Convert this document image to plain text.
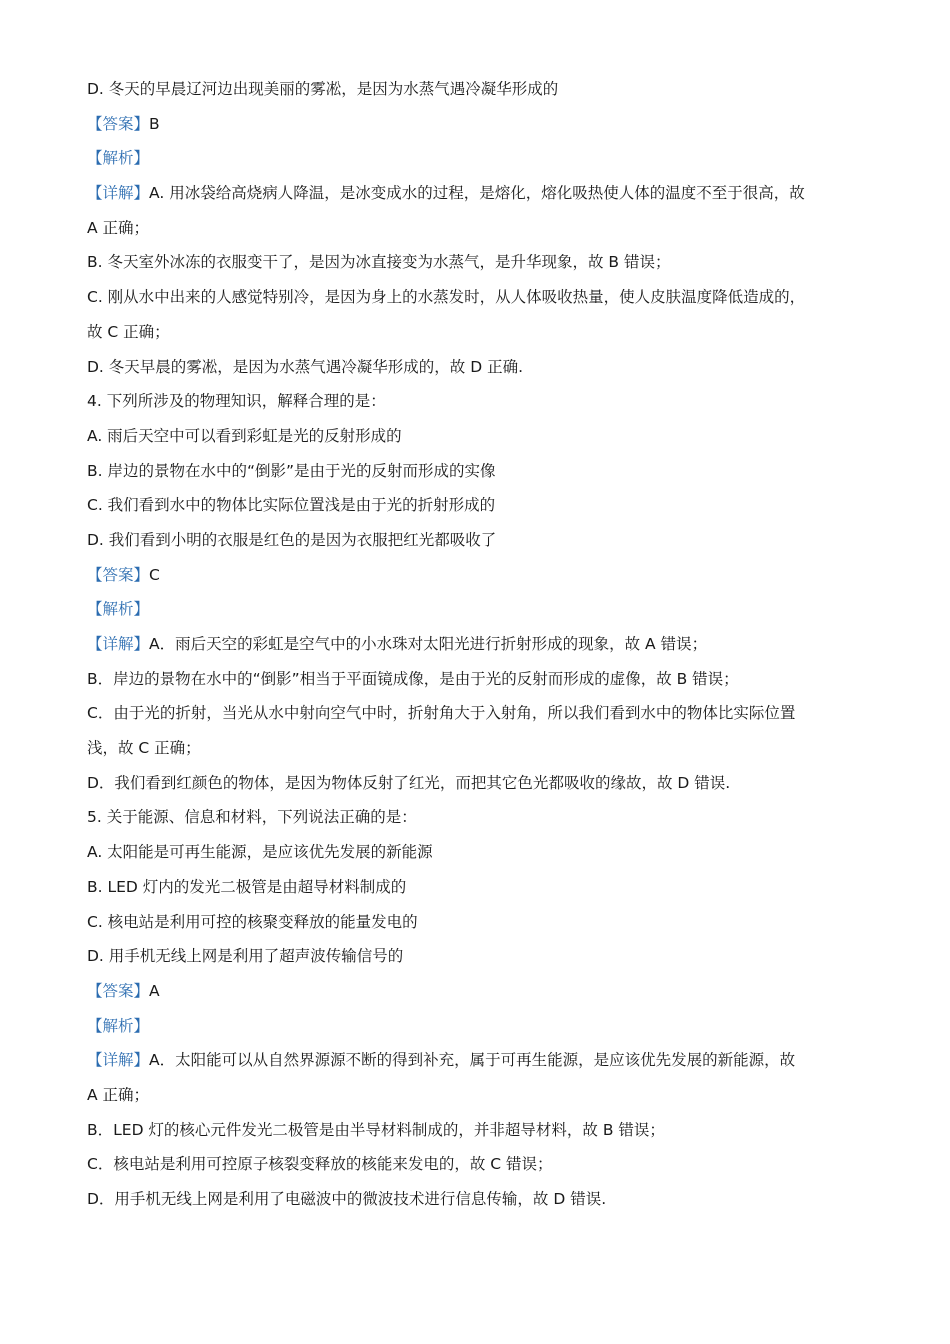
D. 冬天的早晨辽河边出现美丽的雾凇，是因为水蒸气遇冷凝华形成的
【答案】B
【解析】
【详解】A. 用冰袋给高烧病人降温，是冰变成水的过程，是熔化，熔化吸热使人体的温度不至于很高，故
A 正确；
B. 冬天室外冰冻的衣服变干了，是因为冰直接变为水蒸气，是升华现象，故 B 错误；
C. 刚从水中出来的人感觉特别冷，是因为身上的水蒸发时，从人体吸收热量，使人皮肤温度降低造成的，
故 C 正确；
D. 冬天早晨的雾凇，是因为水蒸气遇冷凝华形成的，故 D 正确.
4. 下列所涉及的物理知识，解释合理的是：
A. 雨后天空中可以看到彩虹是光的反射形成的
B. 岸边的景物在水中的“倒影”是由于光的反射而形成的实像
C. 我们看到水中的物体比实际位置浅是由于光的折射形成的
D. 我们看到小明的衣服是红色的是因为衣服把红光都吸收了
【答案】C
【解析】
【详解】A．雨后天空的彩虹是空气中的小水珠对太阳光进行折射形成的现象，故 A 错误；
B．岸边的景物在水中的“倒影”相当于平面镜成像，是由于光的反射而形成的虚像，故 B 错误；
C．由于光的折射，当光从水中射向空气中时，折射角大于入射角，所以我们看到水中的物体比实际位置
浅，故 C 正确；
D．我们看到红颜色的物体，是因为物体反射了红光，而把其它色光都吸收的缘故，故 D 错误.
5. 关于能源、信息和材料，下列说法正确的是：
A. 太阳能是可再生能源，是应该优先发展的新能源
B. LED 灯内的发光二极管是由超导材料制成的
C. 核电站是利用可控的核聚变释放的能量发电的
D. 用手机无线上网是利用了超声波传输信号的
【答案】A
【解析】
【详解】A．太阳能可以从自然界源源不断的得到补充，属于可再生能源，是应该优先发展的新能源，故
A 正确；
B．LED 灯的核心元件发光二极管是由半导材料制成的，并非超导材料，故 B 错误；
C．核电站是利用可控原子核裂变释放的核能来发电的，故 C 错误；
D．用手机无线上网是利用了电磁波中的微波技术进行信息传输，故 D 错误.
